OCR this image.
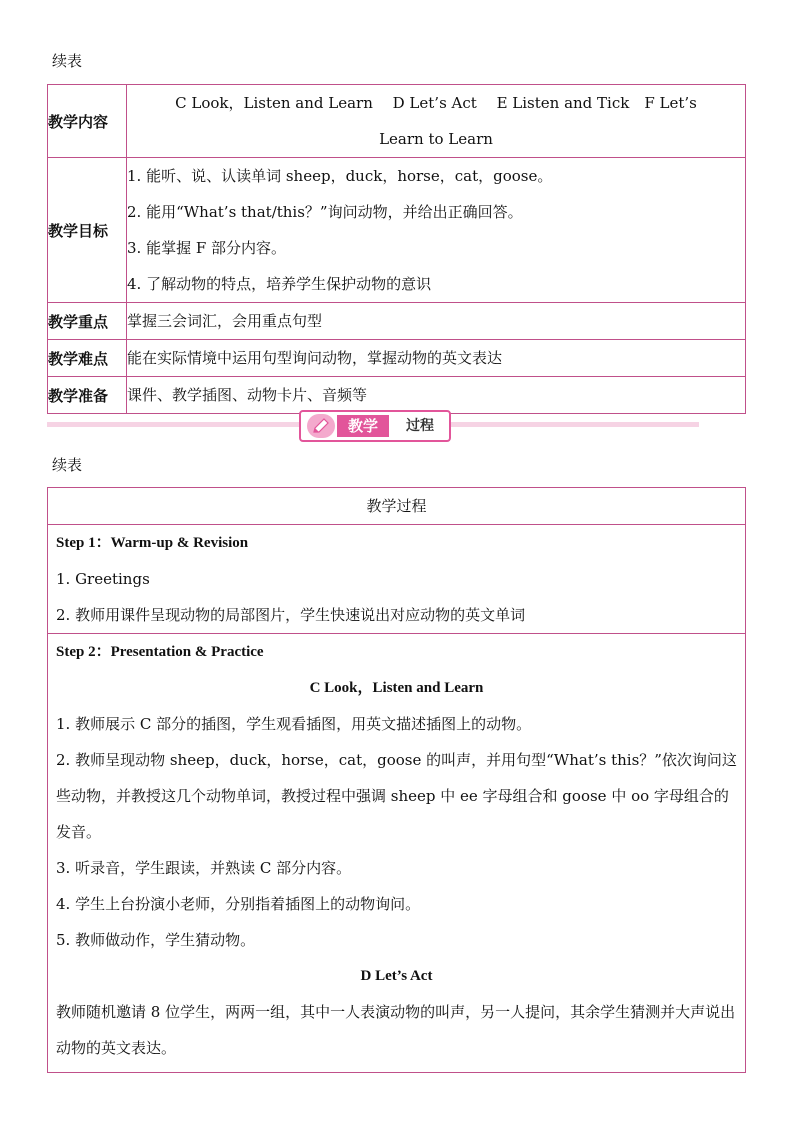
续表
教学内容	C Look，Listen and Learn　 D Let’s Act　 E Listen and Tick　F Let’s
Learn to Learn

教学目标	1. 能听、说、认读单词 sheep，duck，horse，cat，goose。
2. 能用“What’s that/this？”询问动物，并给出正确回答。
3. 能掌握 F 部分内容。
4. 了解动物的特点，培养学生保护动物的意识

教学重点	掌握三会词汇，会用重点句型

教学难点	能在实际情境中运用句型询问动物，掌握动物的英文表达

教学准备	课件、教学插图、动物卡片、音频等
教学	过程
续表
教学过程

Step 1：Warm-up & Revision
1. Greetings
2. 教师用课件呈现动物的局部图片，学生快速说出对应动物的英文单词

Step 2：Presentation & Practice
C Look，Listen and Learn
1. 教师展示 C 部分的插图，学生观看插图，用英文描述插图上的动物。
2. 教师呈现动物 sheep，duck，horse，cat，goose 的叫声，并用句型“What’s this？”依次询问这些动物，并教授这几个动物单词，教授过程中强调 sheep 中 ee 字母组合和 goose 中 oo 字母组合的发音。
3. 听录音，学生跟读，并熟读 C 部分内容。
4. 学生上台扮演小老师，分别指着插图上的动物询问。
5. 教师做动作，学生猜动物。
D Let’s Act
教师随机邀请 8 位学生，两两一组，其中一人表演动物的叫声，另一人提问，其余学生猜测并大声说出动物的英文表达。
